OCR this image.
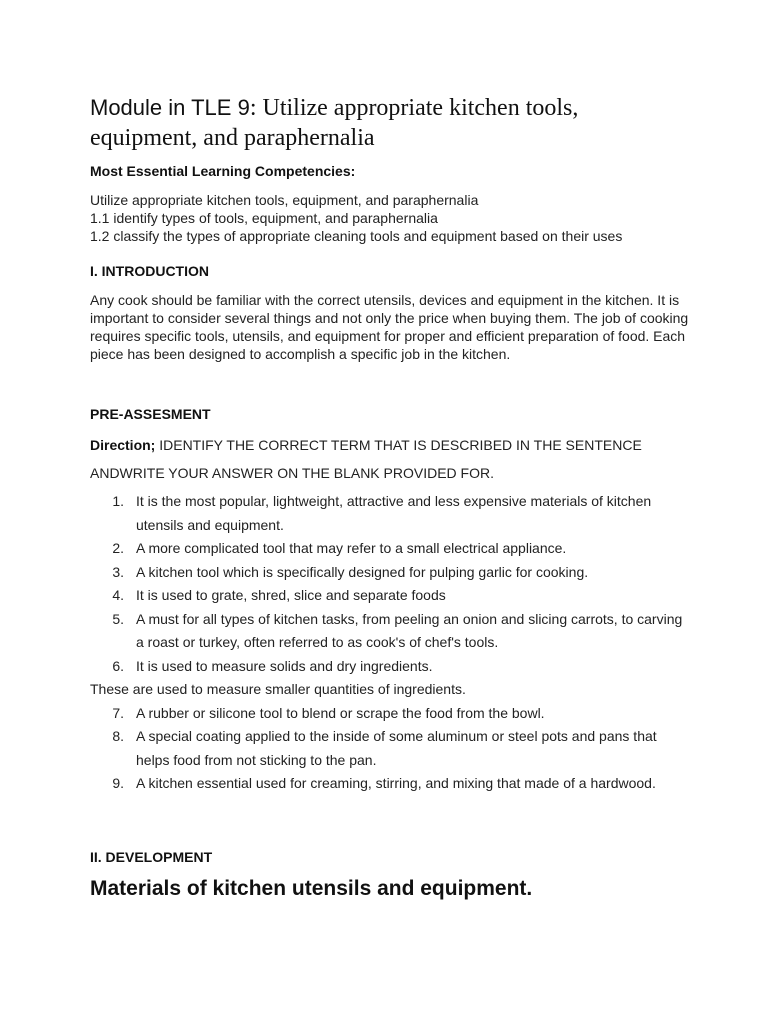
Module in TLE 9: Utilize appropriate kitchen tools, equipment, and paraphernalia

Most Essential Learning Competencies:

Utilize appropriate kitchen tools, equipment, and paraphernalia

1.1 identify types of tools, equipment, and paraphernalia

1.2 classify the types of appropriate cleaning tools and equipment based on their uses

I. INTRODUCTION

Any cook should be familiar with the correct utensils, devices and equipment in the kitchen. It is important to consider several things and not only the price when buying them. The job of cooking requires specific tools, utensils, and equipment for proper and efficient preparation of food. Each piece has been designed to accomplish a specific job in the kitchen.

PRE-ASSESMENT

Direction; IDENTIFY THE CORRECT TERM THAT IS DESCRIBED IN THE SENTENCE ANDWRITE YOUR ANSWER ON THE BLANK PROVIDED FOR.

1. It is the most popular, lightweight, attractive and less expensive materials of kitchen utensils and equipment.
2. A more complicated tool that may refer to a small electrical appliance.
3. A kitchen tool which is specifically designed for pulping garlic for cooking.
4. It is used to grate, shred, slice and separate foods
5. A must for all types of kitchen tasks, from peeling an onion and slicing carrots, to carving a roast or turkey, often referred to as cook's of chef's tools.
6. It is used to measure solids and dry ingredients.
These are used to measure smaller quantities of ingredients.
7. A rubber or silicone tool to blend or scrape the food from the bowl.
8. A special coating applied to the inside of some aluminum or steel pots and pans that helps food from not sticking to the pan.
9. A kitchen essential used for creaming, stirring, and mixing that made of a hardwood.

II. DEVELOPMENT

Materials of kitchen utensils and equipment.
